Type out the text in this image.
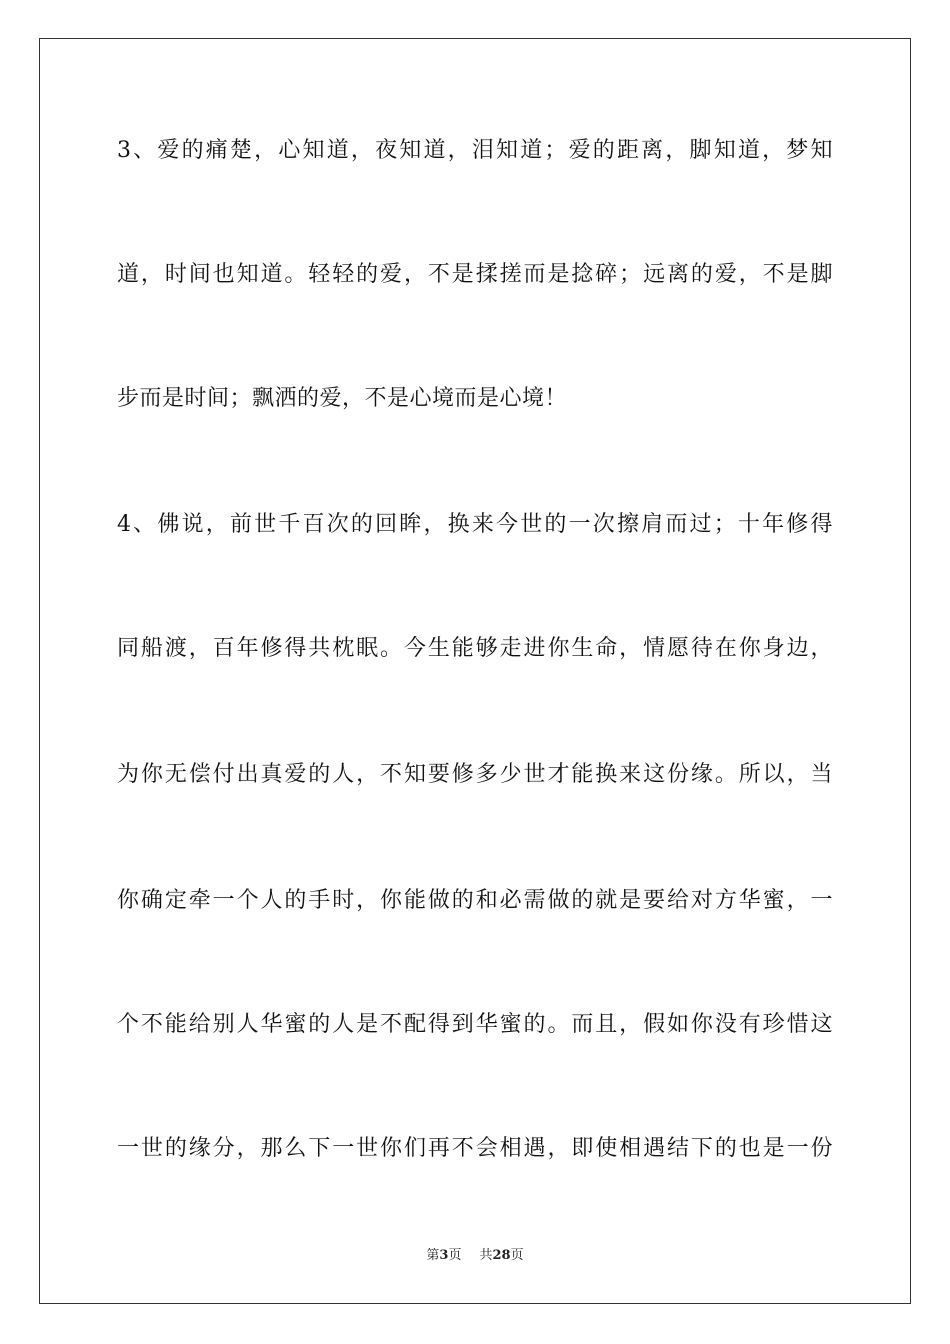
3、爱的痛楚，心知道，夜知道，泪知道；爱的距离，脚知道，梦知
道，时间也知道。轻轻的爱，不是揉搓而是捻碎；远离的爱，不是脚
步而是时间；飘洒的爱，不是心境而是心境！
4、佛说，前世千百次的回眸，换来今世的一次擦肩而过；十年修得
同船渡，百年修得共枕眠。今生能够走进你生命，情愿待在你身边，
为你无偿付出真爱的人，不知要修多少世才能换来这份缘。所以，当
你确定牵一个人的手时，你能做的和必需做的就是要给对方华蜜，一
个不能给别人华蜜的人是不配得到华蜜的。而且，假如你没有珍惜这
一世的缘分，那么下一世你们再不会相遇，即使相遇结下的也是一份
第3页 共28页
